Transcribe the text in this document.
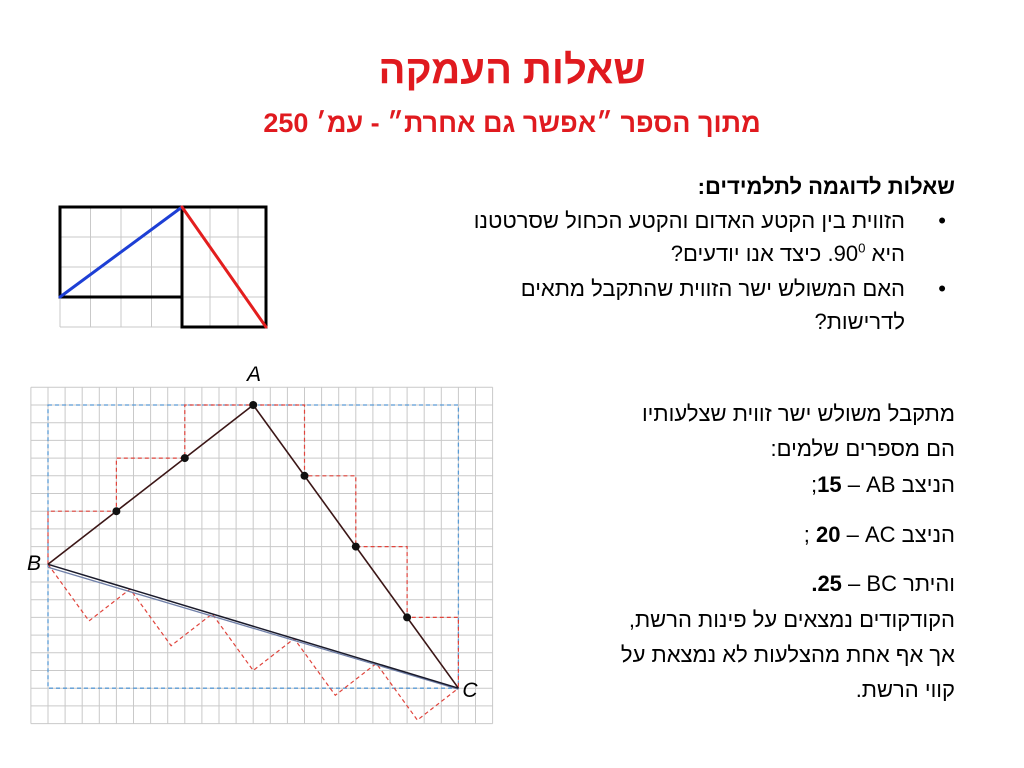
A
B
C
שאלות העמקה
מתוך הספר ״אפשר גם אחרת״ - עמ׳ 250
שאלות לדוגמה לתלמידים:
•
הזווית בין הקטע האדום והקטע הכחול שסרטטנו
היא $90^0$. כיצד אנו יודעים?
•
האם המשולש ישר הזווית שהתקבל מתאים
לדרישות?
מתקבל משולש ישר זווית שצלעותיו
הם מספרים שלמים:
הניצב AB – 15;
הניצב AC – 20 ;
והיתר BC – 25.
הקודקודים נמצאים על פינות הרשת,
אך אף אחת מהצלעות לא נמצאת על
קווי הרשת.
